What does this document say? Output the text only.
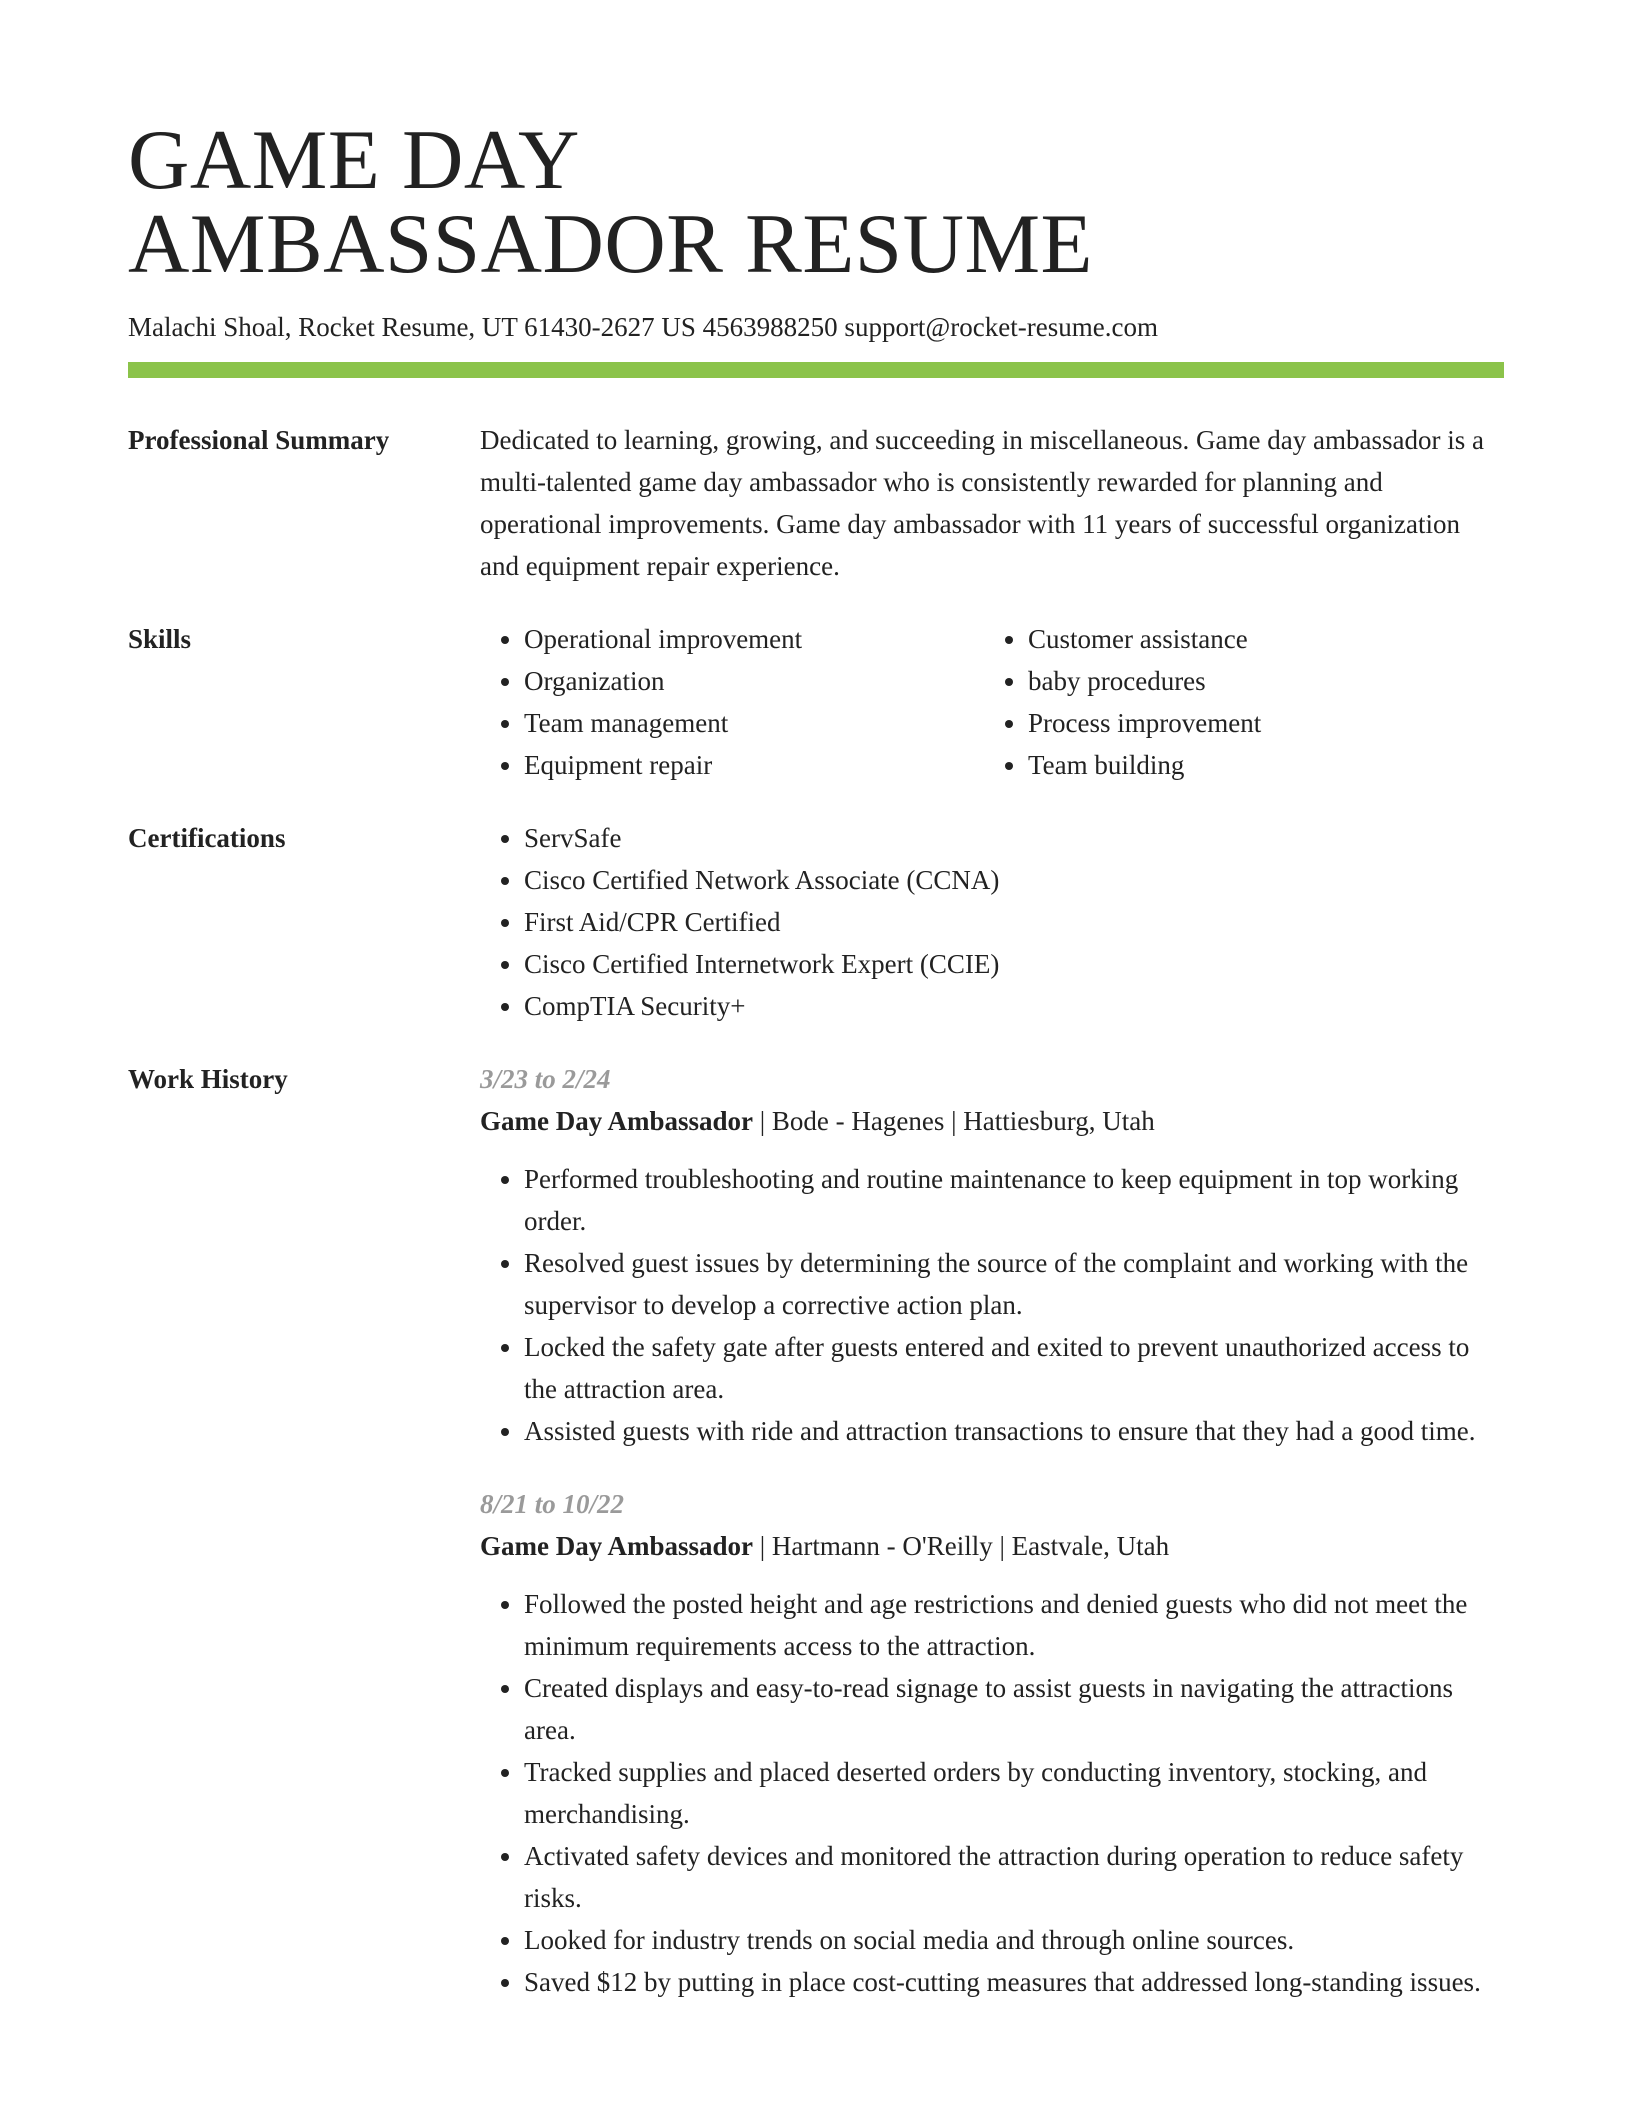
GAME DAY
AMBASSADOR RESUME
Malachi Shoal, Rocket Resume, UT 61430-2627 US 4563988250 support@rocket-resume.com
Professional Summary	Dedicated to learning, growing, and succeeding in miscellaneous. Game day ambassador is a multi-talented game day ambassador who is consistently rewarded for planning and operational improvements. Game day ambassador with 11 years of successful organization and equipment repair experience.
Skills	• Operational improvement
• Organization
• Team management
• Equipment repair
• Customer assistance
• baby procedures
• Process improvement
• Team building
Certifications	• ServSafe
• Cisco Certified Network Associate (CCNA)
• First Aid/CPR Certified
• Cisco Certified Internetwork Expert (CCIE)
• CompTIA Security+
Work History	3/23 to 2/24
Game Day Ambassador | Bode - Hagenes | Hattiesburg, Utah
• Performed troubleshooting and routine maintenance to keep equipment in top working order.
• Resolved guest issues by determining the source of the complaint and working with the supervisor to develop a corrective action plan.
• Locked the safety gate after guests entered and exited to prevent unauthorized access to the attraction area.
• Assisted guests with ride and attraction transactions to ensure that they had a good time.
8/21 to 10/22
Game Day Ambassador | Hartmann - O'Reilly | Eastvale, Utah
• Followed the posted height and age restrictions and denied guests who did not meet the minimum requirements access to the attraction.
• Created displays and easy-to-read signage to assist guests in navigating the attractions area.
• Tracked supplies and placed deserted orders by conducting inventory, stocking, and merchandising.
• Activated safety devices and monitored the attraction during operation to reduce safety risks.
• Looked for industry trends on social media and through online sources.
• Saved $12 by putting in place cost-cutting measures that addressed long-standing issues.
